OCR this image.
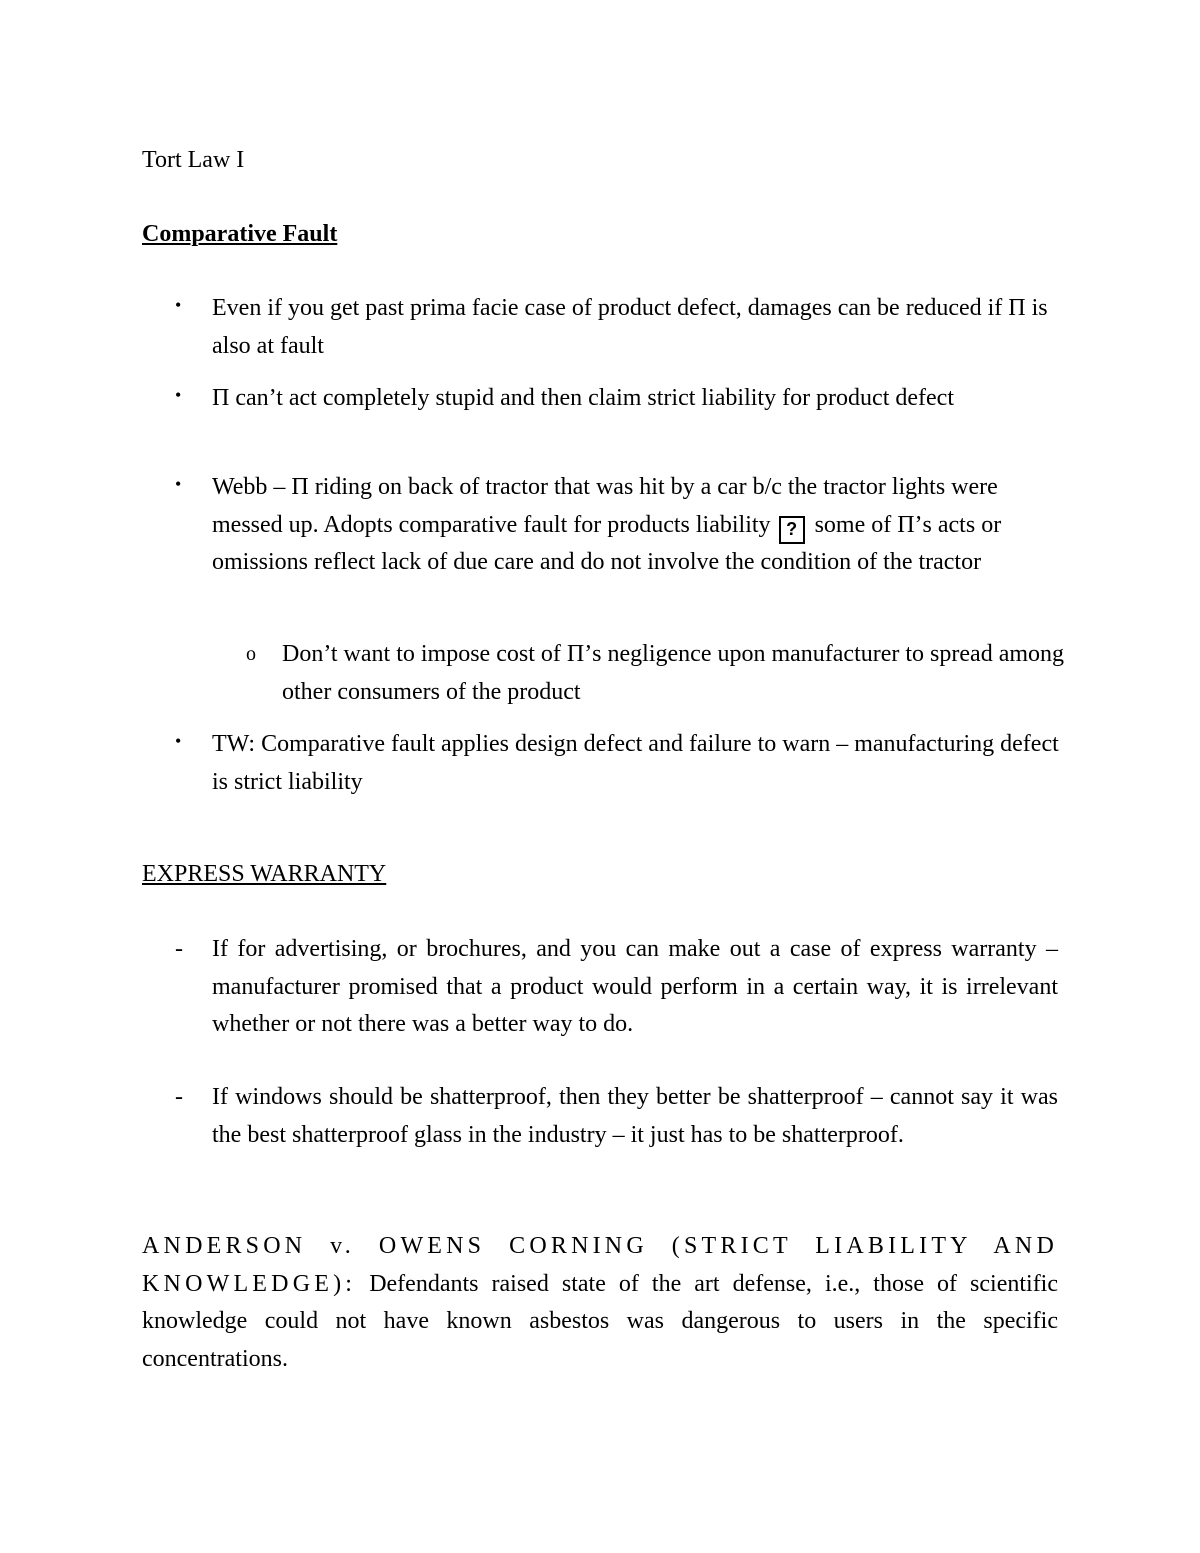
Tort Law I
Comparative Fault
•	Even if you get past prima facie case of product defect, damages can be reduced if Π is also at fault
•	Π can’t act completely stupid and then claim strict liability for product defect
•	Webb – Π riding on back of tractor that was hit by a car b/c the tractor lights were messed up. Adopts comparative fault for products liability ? some of Π’s acts or omissions reflect lack of due care and do not involve the condition of the tractor
o Don’t want to impose cost of Π’s negligence upon manufacturer to spread among other consumers of the product
•	TW: Comparative fault applies design defect and failure to warn – manufacturing defect is strict liability
EXPRESS WARRANTY
- If for advertising, or brochures, and you can make out a case of express warranty – manufacturer promised that a product would perform in a certain way, it is irrelevant whether or not there was a better way to do.
- If windows should be shatterproof, then they better be shatterproof – cannot say it was the best shatterproof glass in the industry – it just has to be shatterproof.
ANDERSON v. OWENS CORNING (STRICT LIABILITY AND KNOWLEDGE): Defendants raised state of the art defense, i.e., those of scientific knowledge could not have known asbestos was dangerous to users in the specific concentrations.
